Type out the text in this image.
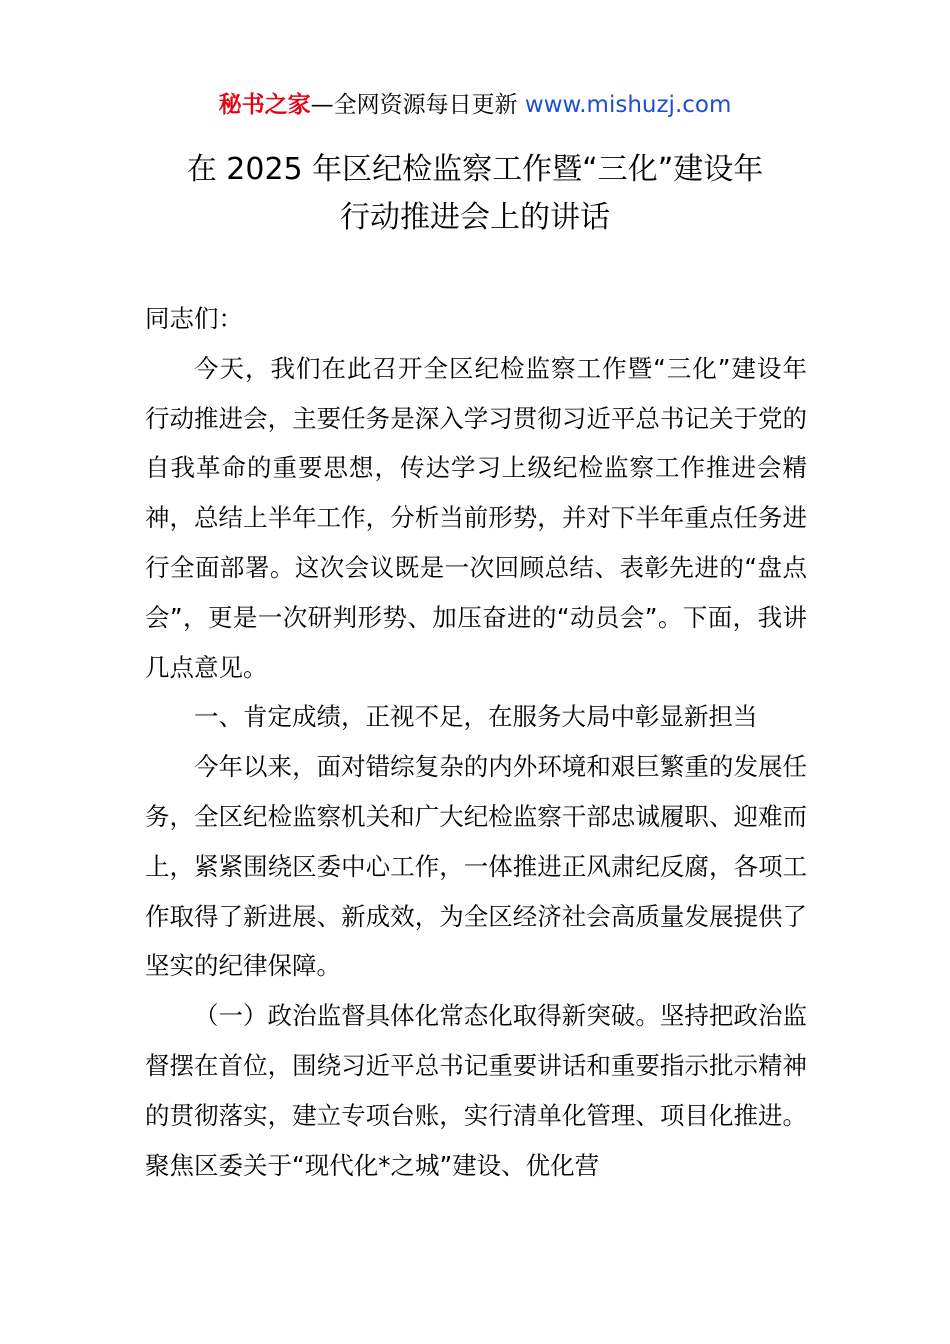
秘书之家—全网资源每日更新 www.mishuzj.com
在 2025 年区纪检监察工作暨“三化”建设年
行动推进会上的讲话

同志们：

今天，我们在此召开全区纪检监察工作暨“三化”建设年行动推进会，主要任务是深入学习贯彻习近平总书记关于党的自我革命的重要思想，传达学习上级纪检监察工作推进会精神，总结上半年工作，分析当前形势，并对下半年重点任务进行全面部署。这次会议既是一次回顾总结、表彰先进的“盘点会”，更是一次研判形势、加压奋进的“动员会”。下面，我讲几点意见。

一、肯定成绩，正视不足，在服务大局中彰显新担当

今年以来，面对错综复杂的内外环境和艰巨繁重的发展任务，全区纪检监察机关和广大纪检监察干部忠诚履职、迎难而上，紧紧围绕区委中心工作，一体推进正风肃纪反腐，各项工作取得了新进展、新成效，为全区经济社会高质量发展提供了坚实的纪律保障。

（一）政治监督具体化常态化取得新突破。坚持把政治监督摆在首位，围绕习近平总书记重要讲话和重要指示批示精神的贯彻落实，建立专项台账，实行清单化管理、项目化推进。聚焦区委关于“现代化*之城”建设、优化营
